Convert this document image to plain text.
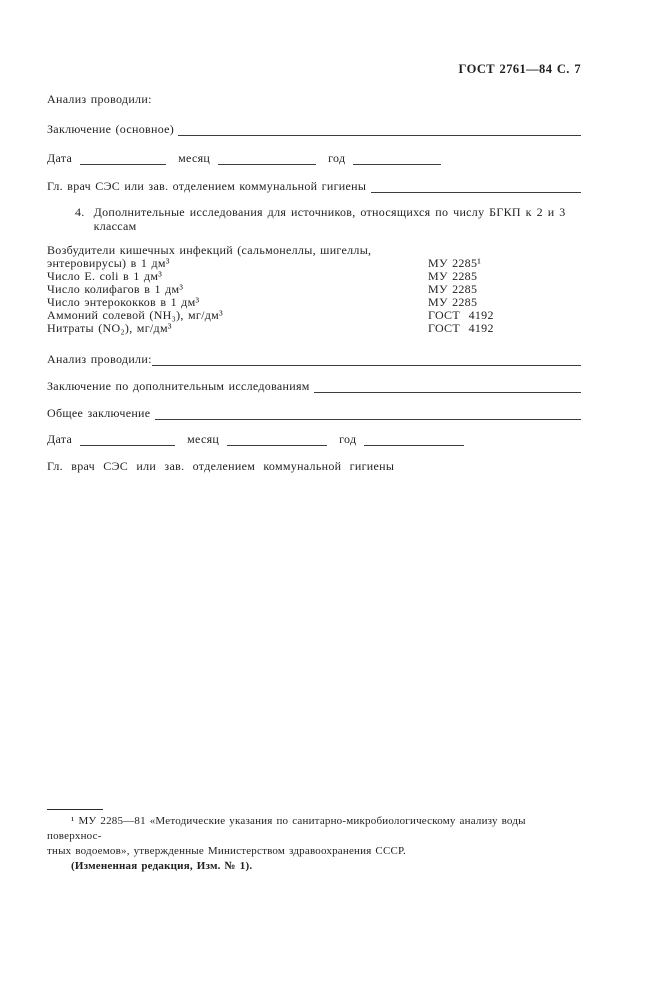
ГОСТ 2761—84 С. 7
Анализ проводили:
Заключение (основное)
Дата	месяц	год
Гл. врач СЭС или зав. отделением коммунальной гигиены
4. Дополнительные исследования для источников, относящихся по числу БГКП к 2 и 3 классам
Возбудители кишечных инфекций (сальмонеллы, шигеллы,
энтеровирусы) в 1 дм³	МУ 2285¹
Число E. coli в 1 дм³	МУ 2285
Число колифагов в 1 дм³	МУ 2285
Число энтерококков в 1 дм³	МУ 2285
Аммоний солевой (NH₃), мг/дм³	ГОСТ  4192
Нитраты (NO₂), мг/дм³	ГОСТ  4192
Анализ проводили:
Заключение по дополнительным исследованиям
Общее заключение
Дата	месяц	год
Гл. врач СЭС или зав. отделением коммунальной гигиены
¹ МУ 2285—81 «Методические указания по санитарно-микробиологическому анализу воды поверхнос-
тных водоемов», утвержденные Министерством здравоохранения СССР.
(Измененная редакция, Изм. № 1).
